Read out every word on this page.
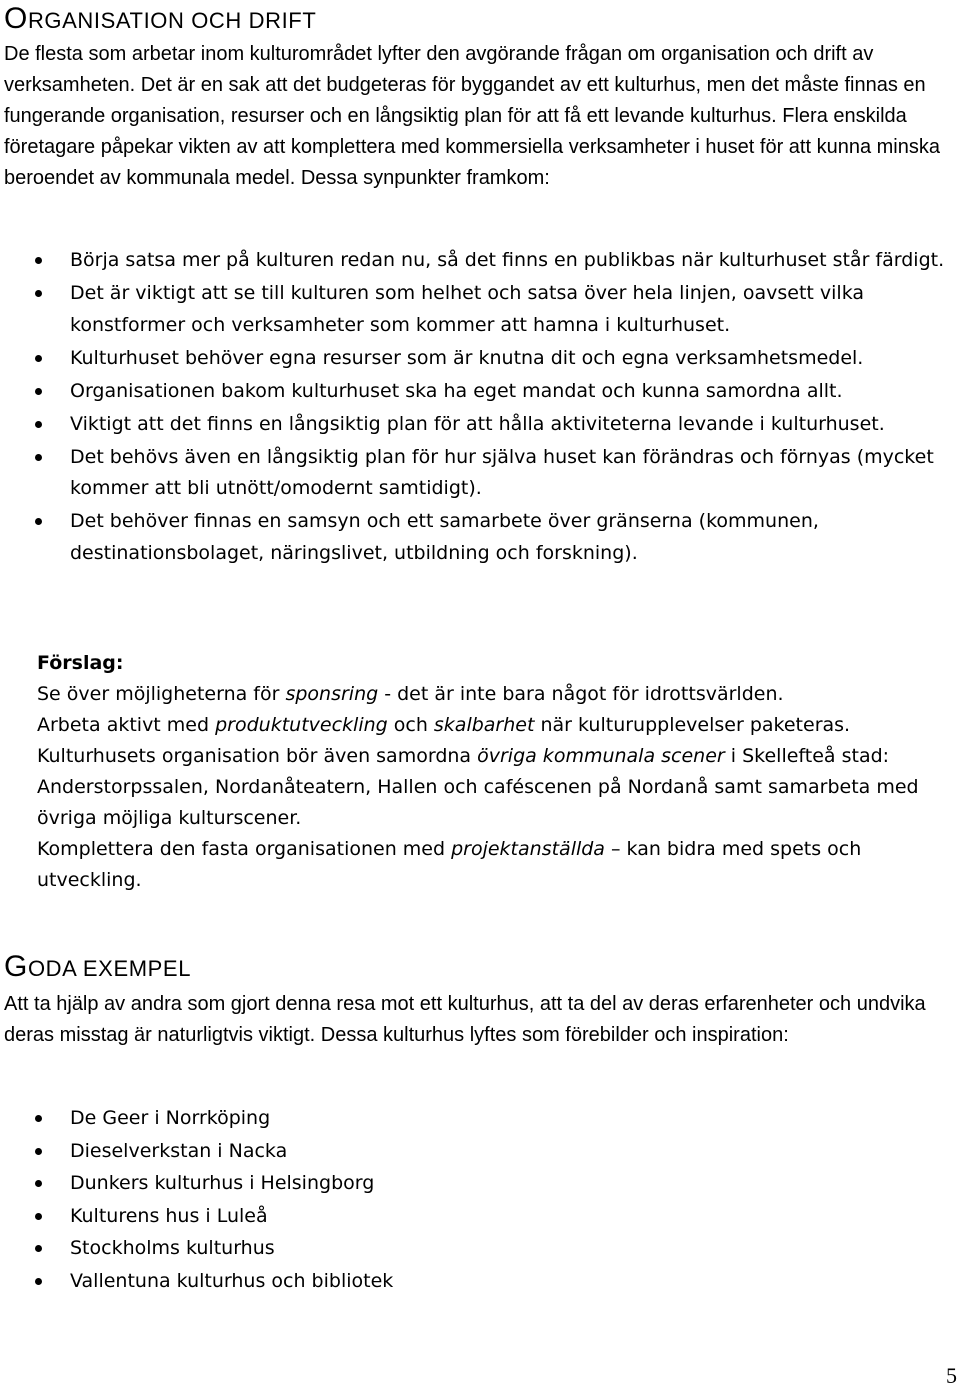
ORGANISATION OCH DRIFT

De flesta som arbetar inom kulturområdet lyfter den avgörande frågan om organisation och drift av verksamheten. Det är en sak att det budgeteras för byggandet av ett kulturhus, men det måste finnas en fungerande organisation, resurser och en långsiktig plan för att få ett levande kulturhus. Flera enskilda företagare påpekar vikten av att komplettera med kommersiella verksamheter i huset för att kunna minska beroendet av kommunala medel. Dessa synpunkter framkom:

Börja satsa mer på kulturen redan nu, så det finns en publikbas när kulturhuset står färdigt.
Det är viktigt att se till kulturen som helhet och satsa över hela linjen, oavsett vilka konstformer och verksamheter som kommer att hamna i kulturhuset.
Kulturhuset behöver egna resurser som är knutna dit och egna verksamhetsmedel.
Organisationen bakom kulturhuset ska ha eget mandat och kunna samordna allt.
Viktigt att det finns en långsiktig plan för att hålla aktiviteterna levande i kulturhuset.
Det behövs även en långsiktig plan för hur själva huset kan förändras och förnyas (mycket kommer att bli utnött/omodernt samtidigt).
Det behöver finnas en samsyn och ett samarbete över gränserna (kommunen, destinationsbolaget, näringslivet, utbildning och forskning).
Förslag:
Se över möjligheterna för sponsring - det är inte bara något för idrottsvärlden.
Arbeta aktivt med produktutveckling och skalbarhet när kulturupplevelser paketeras.
Kulturhusets organisation bör även samordna övriga kommunala scener i Skellefteå stad: Anderstorpssalen, Nordanåteatern, Hallen och caféscenen på Nordanå samt samarbeta med övriga möjliga kulturscener.
Komplettera den fasta organisationen med projektanställda – kan bidra med spets och utveckling.
GODA EXEMPEL

Att ta hjälp av andra som gjort denna resa mot ett kulturhus, att ta del av deras erfarenheter och undvika deras misstag är naturligtvis viktigt. Dessa kulturhus lyftes som förebilder och inspiration:

De Geer i Norrköping
Dieselverkstan i Nacka
Dunkers kulturhus i Helsingborg
Kulturens hus i Luleå
Stockholms kulturhus
Vallentuna kulturhus och bibliotek
5
